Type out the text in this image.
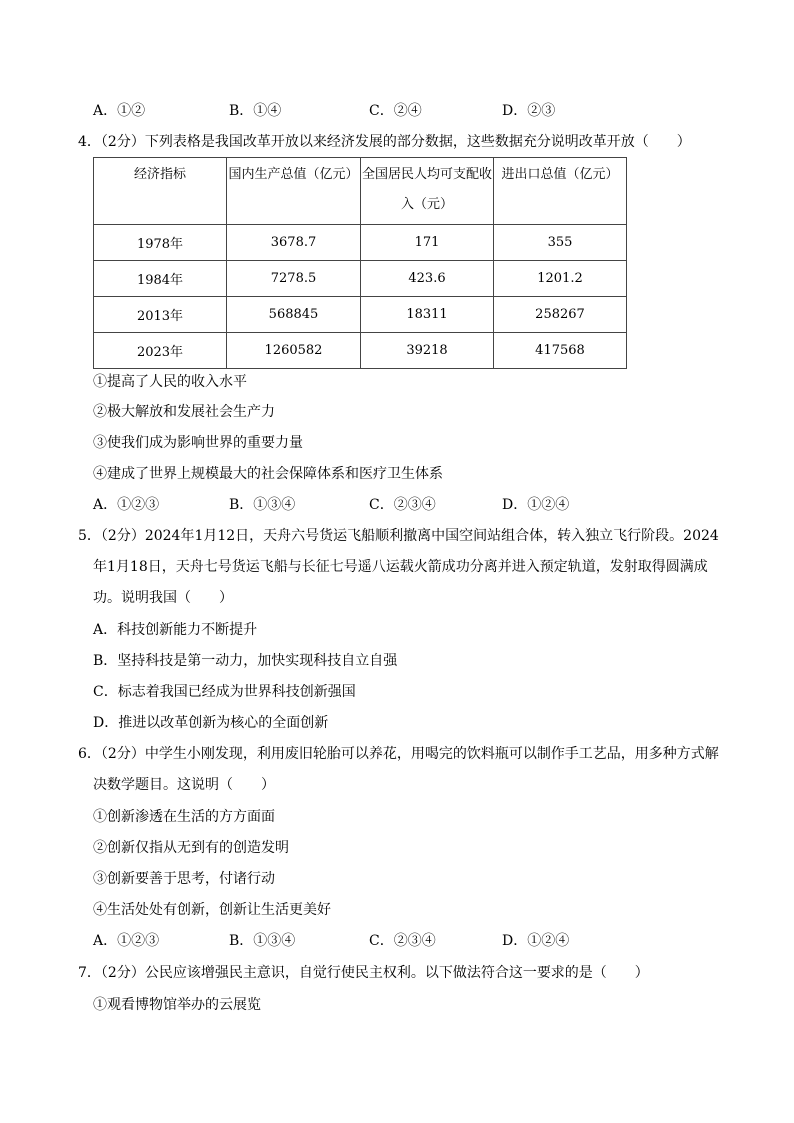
A．①②	B．①④	C．②④	D．②③
4．（2分）下列表格是我国改革开放以来经济发展的部分数据，这些数据充分说明改革开放（　　）
经济指标	国内生产总值（亿元）	全国居民人均可支配收入（元）	进出口总值（亿元）
1978年	3678.7	171	355
1984年	7278.5	423.6	1201.2
2013年	568845	18311	258267
2023年	1260582	39218	417568
①提高了人民的收入水平
②极大解放和发展社会生产力
③使我们成为影响世界的重要力量
④建成了世界上规模最大的社会保障体系和医疗卫生体系
A．①②③	B．①③④	C．②③④	D．①②④
5．（2分）2024年1月12日，天舟六号货运飞船顺利撤离中国空间站组合体，转入独立飞行阶段。2024
年1月18日，天舟七号货运飞船与长征七号遥八运载火箭成功分离并进入预定轨道，发射取得圆满成
功。说明我国（　　）
A．科技创新能力不断提升
B．坚持科技是第一动力，加快实现科技自立自强
C．标志着我国已经成为世界科技创新强国
D．推进以改革创新为核心的全面创新
6．（2分）中学生小刚发现，利用废旧轮胎可以养花，用喝完的饮料瓶可以制作手工艺品，用多种方式解
决数学题目。这说明（　　）
①创新渗透在生活的方方面面
②创新仅指从无到有的创造发明
③创新要善于思考，付诸行动
④生活处处有创新，创新让生活更美好
A．①②③	B．①③④	C．②③④	D．①②④
7．（2分）公民应该增强民主意识，自觉行使民主权利。以下做法符合这一要求的是（　　）
①观看博物馆举办的云展览
